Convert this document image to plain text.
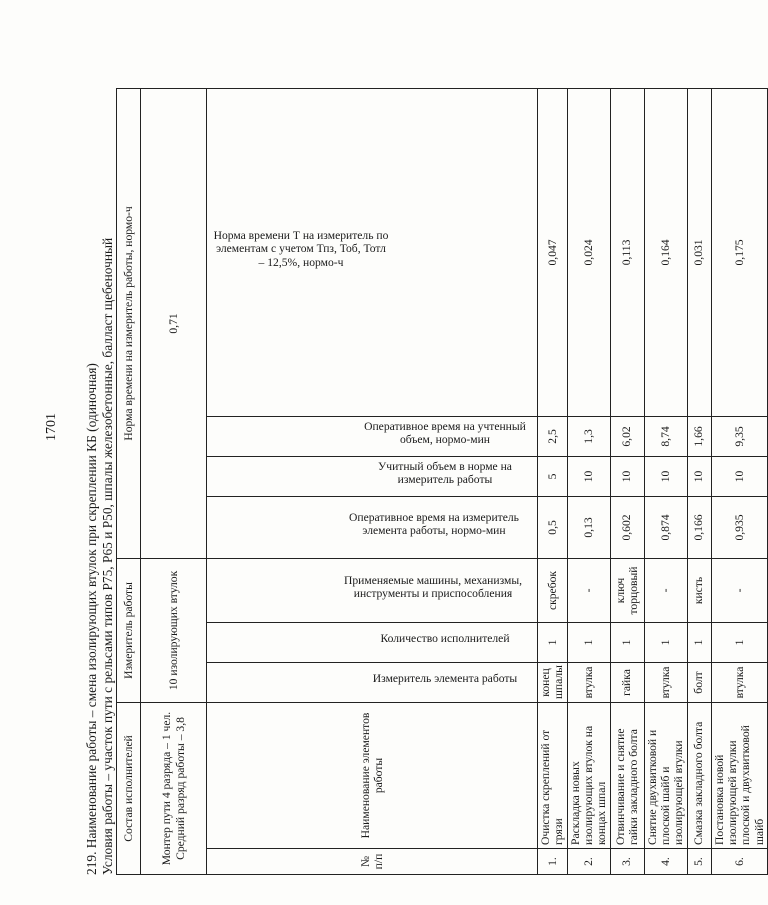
1701 219. Наименование работы – смена изолирующих втулок при скреплении КБ (одиночная) Условия работы – участок пути с рельсами типов Р75, Р65 и Р50, шпалы железобетонные, балласт щебеночный Состав исполнителей		Измеритель работы			Норма времени на измеритель работы, нормо-ч			

Монтер пути 4 разряда – 1 чел. Средний разряд работы – 3,8		10 изолирующих втулок			0,71			
№ п/п	Наименование элементов работы	Измеритель элемента работы	Количество исполнителей	Применяемые машины, механизмы, инструменты и приспособления	Оперативное время на измеритель элемента работы, нормо-мин	Учитный объем в норме на измеритель работы	Оперативное время на учтенный объем, нормо-мин	Норма времени Т на измеритель по элементам с учетом Тпз, Тоб, Тотл – 12,5%, нормо-ч

1.	Очистка скреплений от грязи	конец шпалы	1	скребок	0,5	5	2,5	0,047
2.	Раскладка новых изолирующих втулок на концах шпал	втулка	1	-	0,13	10	1,3	0,024
3.	Отвинчивание и снятие гайки закладного болта	гайка	1	ключ торцовый	0,602	10	6,02	0,113
4.	Снятие двухвитковой и плоской шайб и изолирующей втулки	втулка	1	-	0,874	10	8,74	0,164
5.	Смазка закладного болта	болт	1	кисть	0,166	10	1,66	0,031
6.	Постановка новой изолирующей втулки плоской и двухвитковой шайб	втулка	1	-	0,935	10	9,35	0,175
